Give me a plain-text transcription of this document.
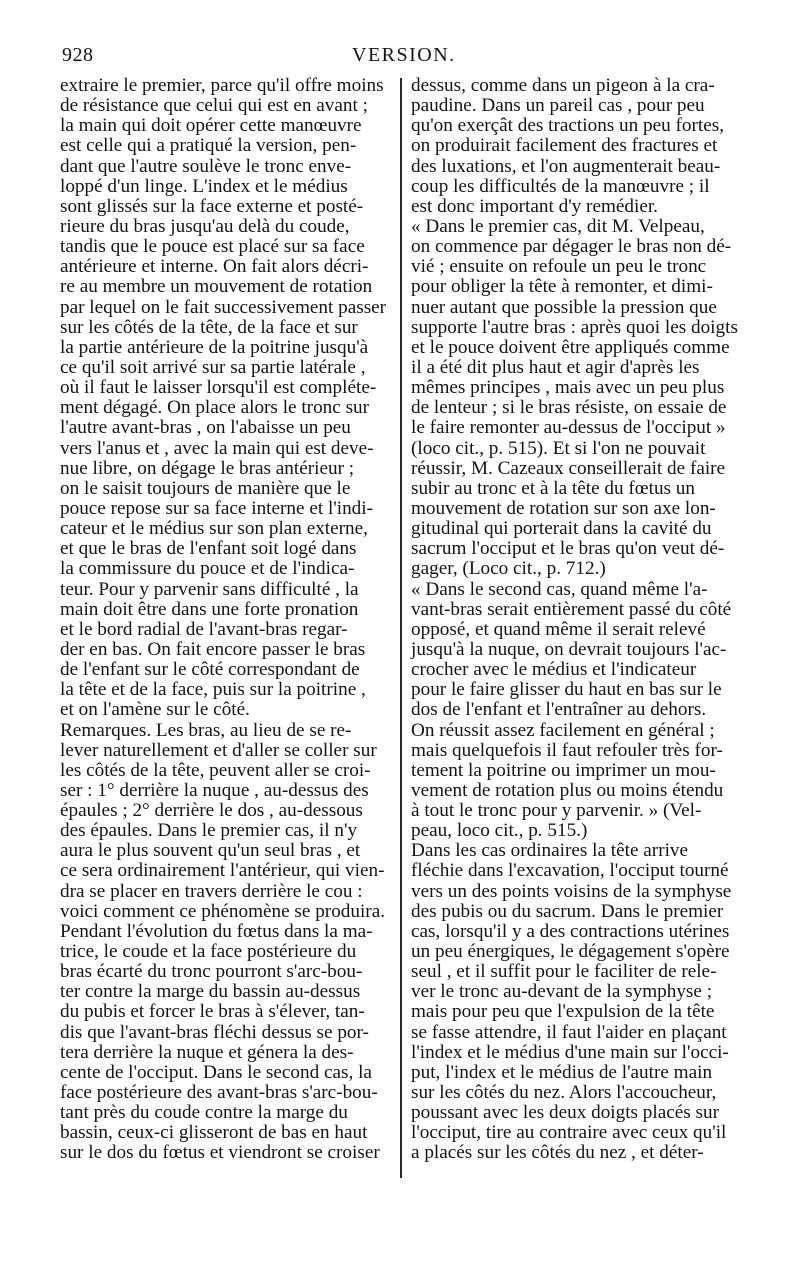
928	VERSION.
extraire le premier, parce qu'il offre moins
de résistance que celui qui est en avant ;
la main qui doit opérer cette manœuvre
est celle qui a pratiqué la version, pen-
dant que l'autre soulève le tronc enve-
loppé d'un linge. L'index et le médius
sont glissés sur la face externe et posté-
rieure du bras jusqu'au delà du coude,
tandis que le pouce est placé sur sa face
antérieure et interne. On fait alors décri-
re au membre un mouvement de rotation
par lequel on le fait successivement passer
sur les côtés de la tête, de la face et sur
la partie antérieure de la poitrine jusqu'à
ce qu'il soit arrivé sur sa partie latérale ,
où il faut le laisser lorsqu'il est compléte-
ment dégagé. On place alors le tronc sur
l'autre avant-bras , on l'abaisse un peu
vers l'anus et , avec la main qui est deve-
nue libre, on dégage le bras antérieur ;
on le saisit toujours de manière que le
pouce repose sur sa face interne et l'indi-
cateur et le médius sur son plan externe,
et que le bras de l'enfant soit logé dans
la commissure du pouce et de l'indica-
teur. Pour y parvenir sans difficulté , la
main doit être dans une forte pronation
et le bord radial de l'avant-bras regar-
der en bas. On fait encore passer le bras
de l'enfant sur le côté correspondant de
la tête et de la face, puis sur la poitrine ,
et on l'amène sur le côté.
Remarques. Les bras, au lieu de se re-
lever naturellement et d'aller se coller sur
les côtés de la tête, peuvent aller se croi-
ser : 1° derrière la nuque , au-dessus des
épaules ; 2° derrière le dos , au-dessous
des épaules. Dans le premier cas, il n'y
aura le plus souvent qu'un seul bras , et
ce sera ordinairement l'antérieur, qui vien-
dra se placer en travers derrière le cou :
voici comment ce phénomène se produira.
Pendant l'évolution du fœtus dans la ma-
trice, le coude et la face postérieure du
bras écarté du tronc pourront s'arc-bou-
ter contre la marge du bassin au-dessus
du pubis et forcer le bras à s'élever, tan-
dis que l'avant-bras fléchi dessus se por-
tera derrière la nuque et génera la des-
cente de l'occiput. Dans le second cas, la
face postérieure des avant-bras s'arc-bou-
tant près du coude contre la marge du
bassin, ceux-ci glisseront de bas en haut
sur le dos du fœtus et viendront se croiser
dessus, comme dans un pigeon à la cra-
paudine. Dans un pareil cas , pour peu
qu'on exerçât des tractions un peu fortes,
on produirait facilement des fractures et
des luxations, et l'on augmenterait beau-
coup les difficultés de la manœuvre ; il
est donc important d'y remédier.
« Dans le premier cas, dit M. Velpeau,
on commence par dégager le bras non dé-
vié ; ensuite on refoule un peu le tronc
pour obliger la tête à remonter, et dimi-
nuer autant que possible la pression que
supporte l'autre bras : après quoi les doigts
et le pouce doivent être appliqués comme
il a été dit plus haut et agir d'après les
mêmes principes , mais avec un peu plus
de lenteur ; si le bras résiste, on essaie de
le faire remonter au-dessus de l'occiput »
(loco cit., p. 515). Et si l'on ne pouvait
réussir, M. Cazeaux conseillerait de faire
subir au tronc et à la tête du fœtus un
mouvement de rotation sur son axe lon-
gitudinal qui porterait dans la cavité du
sacrum l'occiput et le bras qu'on veut dé-
gager, (Loco cit., p. 712.)
« Dans le second cas, quand même l'a-
vant-bras serait entièrement passé du côté
opposé, et quand même il serait relevé
jusqu'à la nuque, on devrait toujours l'ac-
crocher avec le médius et l'indicateur
pour le faire glisser du haut en bas sur le
dos de l'enfant et l'entraîner au dehors.
On réussit assez facilement en général ;
mais quelquefois il faut refouler très for-
tement la poitrine ou imprimer un mou-
vement de rotation plus ou moins étendu
à tout le tronc pour y parvenir. » (Vel-
peau, loco cit., p. 515.)
Dans les cas ordinaires la tête arrive
fléchie dans l'excavation, l'occiput tourné
vers un des points voisins de la symphyse
des pubis ou du sacrum. Dans le premier
cas, lorsqu'il y a des contractions utérines
un peu énergiques, le dégagement s'opère
seul , et il suffit pour le faciliter de rele-
ver le tronc au-devant de la symphyse ;
mais pour peu que l'expulsion de la tête
se fasse attendre, il faut l'aider en plaçant
l'index et le médius d'une main sur l'occi-
put, l'index et le médius de l'autre main
sur les côtés du nez. Alors l'accoucheur,
poussant avec les deux doigts placés sur
l'occiput, tire au contraire avec ceux qu'il
a placés sur les côtés du nez , et déter-
